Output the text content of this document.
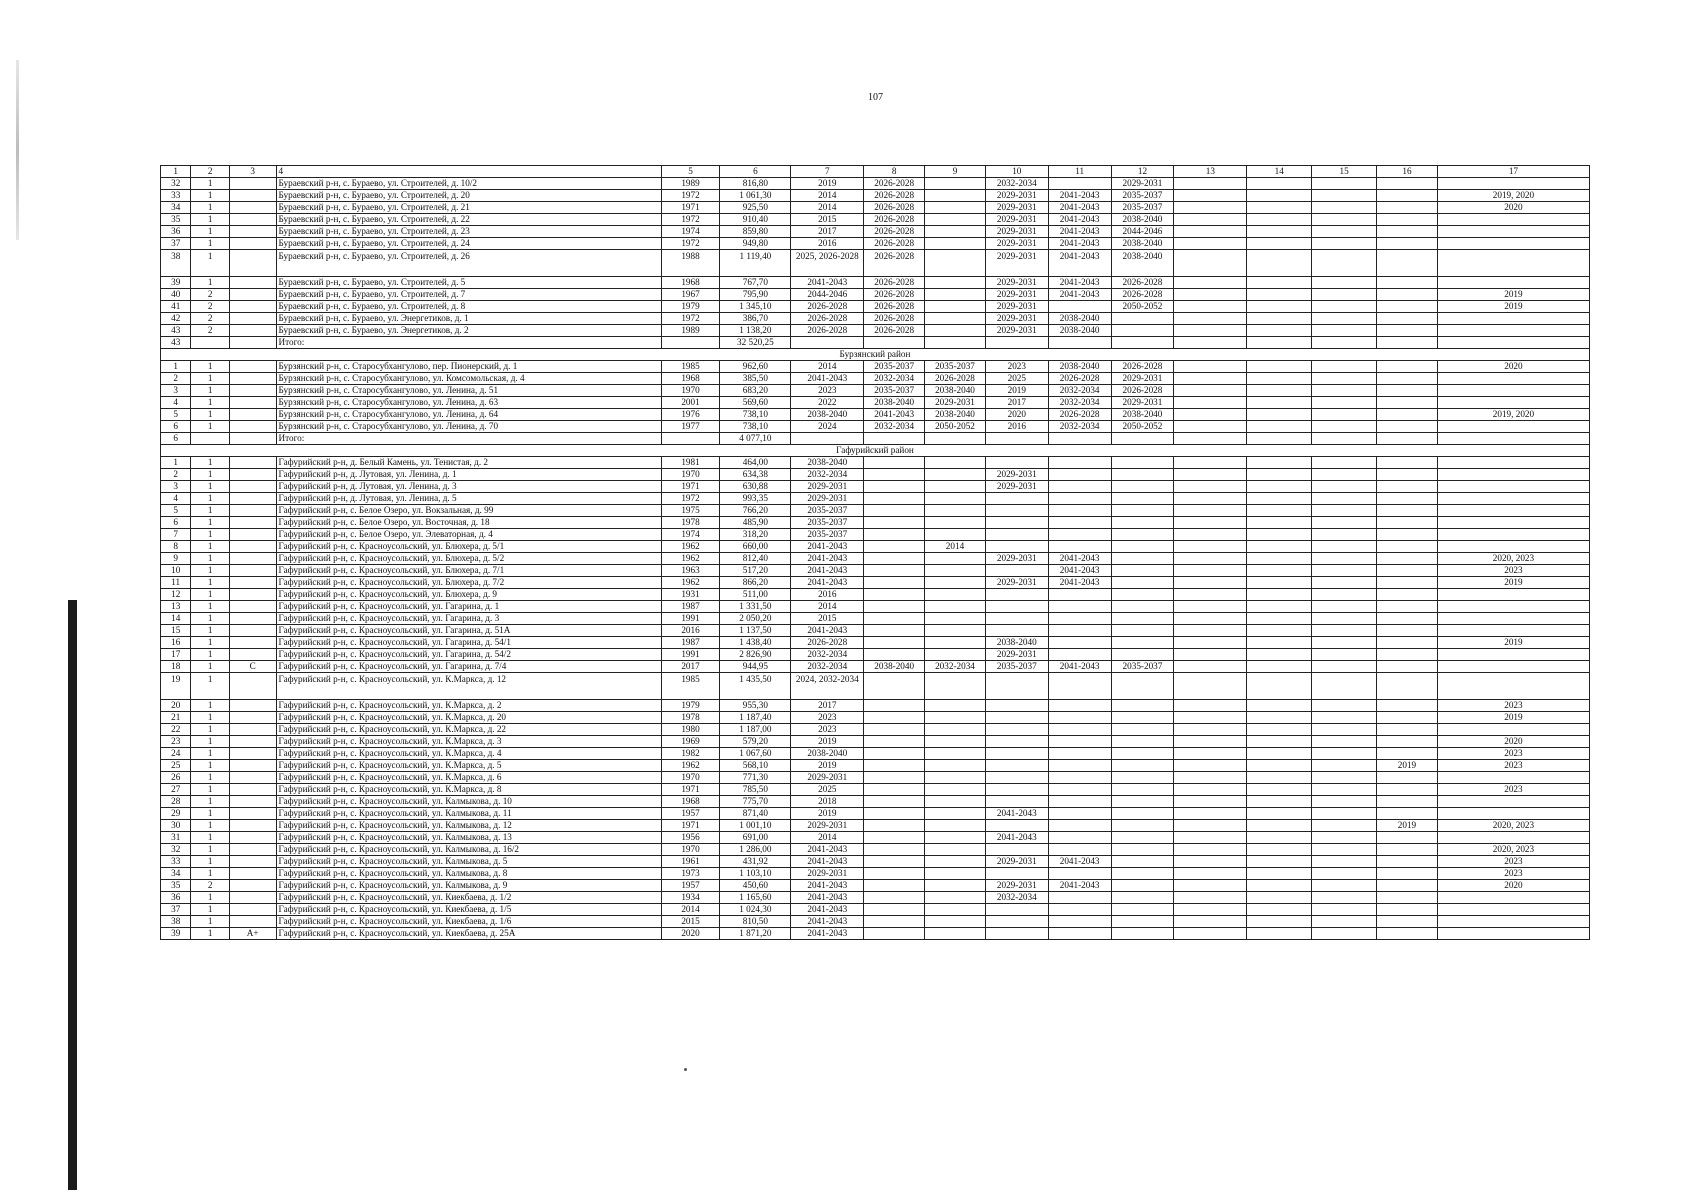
107
1	2	3	4	5	6	7	8	9	10	11	12	13	14	15	16	17
32	1		Бураевский р-н, с. Бураево, ул. Строителей, д. 10/2	1989	816,80	2019	2026-2028		2032-2034		2029-2031					
33	1		Бураевский р-н, с. Бураево, ул. Строителей, д. 20	1972	1 061,30	2014	2026-2028		2029-2031	2041-2043	2035-2037					2019, 2020
34	1		Бураевский р-н, с. Бураево, ул. Строителей, д. 21	1971	925,50	2014	2026-2028		2029-2031	2041-2043	2035-2037					2020
35	1		Бураевский р-н, с. Бураево, ул. Строителей, д. 22	1972	910,40	2015	2026-2028		2029-2031	2041-2043	2038-2040					
36	1		Бураевский р-н, с. Бураево, ул. Строителей, д. 23	1974	859,80	2017	2026-2028		2029-2031	2041-2043	2044-2046					
37	1		Бураевский р-н, с. Бураево, ул. Строителей, д. 24	1972	949,80	2016	2026-2028		2029-2031	2041-2043	2038-2040					
38	1		Бураевский р-н, с. Бураево, ул. Строителей, д. 26	1988	1 119,40	2025, 2026-2028	2026-2028		2029-2031	2041-2043	2038-2040					
39	1		Бураевский р-н, с. Бураево, ул. Строителей, д. 5	1968	767,70	2041-2043	2026-2028		2029-2031	2041-2043	2026-2028					
40	2		Бураевский р-н, с. Бураево, ул. Строителей, д. 7	1967	795,90	2044-2046	2026-2028		2029-2031	2041-2043	2026-2028					2019
41	2		Бураевский р-н, с. Бураево, ул. Строителей, д. 8	1979	1 345,10	2026-2028	2026-2028		2029-2031		2050-2052					2019
42	2		Бураевский р-н, с. Бураево, ул. Энергетиков, д. 1	1972	386,70	2026-2028	2026-2028		2029-2031	2038-2040						
43	2		Бураевский р-н, с. Бураево, ул. Энергетиков, д. 2	1989	1 138,20	2026-2028	2026-2028		2029-2031	2038-2040						
43			Итого:		32 520,25											
Бурзянский район																
1	1		Бурзянский р-н, с. Старосубхангулово, пер. Пионерский, д. 1	1985	962,60	2014	2035-2037	2035-2037	2023	2038-2040	2026-2028					2020
2	1		Бурзянский р-н, с. Старосубхангулово, ул. Комсомольская, д. 4	1968	385,50	2041-2043	2032-2034	2026-2028	2025	2026-2028	2029-2031					
3	1		Бурзянский р-н, с. Старосубхангулово, ул. Ленина, д. 51	1970	683,20	2023	2035-2037	2038-2040	2019	2032-2034	2026-2028					
4	1		Бурзянский р-н, с. Старосубхангулово, ул. Ленина, д. 63	2001	569,60	2022	2038-2040	2029-2031	2017	2032-2034	2029-2031					
5	1		Бурзянский р-н, с. Старосубхангулово, ул. Ленина, д. 64	1976	738,10	2038-2040	2041-2043	2038-2040	2020	2026-2028	2038-2040					2019, 2020
6	1		Бурзянский р-н, с. Старосубхангулово, ул. Ленина, д. 70	1977	738,10	2024	2032-2034	2050-2052	2016	2032-2034	2050-2052					
6			Итого:		4 077,10											
Гафурийский район																
1	1		Гафурийский р-н, д. Белый Камень, ул. Тенистая, д. 2	1981	464,00	2038-2040										
2	1		Гафурийский р-н, д. Лутовая, ул. Ленина, д. 1	1970	634,38	2032-2034			2029-2031							
3	1		Гафурийский р-н, д. Лутовая, ул. Ленина, д. 3	1971	630,88	2029-2031			2029-2031							
4	1		Гафурийский р-н, д. Лутовая, ул. Ленина, д. 5	1972	993,35	2029-2031										
5	1		Гафурийский р-н, с. Белое Озеро, ул. Вокзальная, д. 99	1975	766,20	2035-2037										
6	1		Гафурийский р-н, с. Белое Озеро, ул. Восточная, д. 18	1978	485,90	2035-2037										
7	1		Гафурийский р-н, с. Белое Озеро, ул. Элеваторная, д. 4	1974	318,20	2035-2037										
8	1		Гафурийский р-н, с. Красноусольский, ул. Блюхера, д. 5/1	1962	660,00	2041-2043		2014								
9	1		Гафурийский р-н, с. Красноусольский, ул. Блюхера, д. 5/2	1962	812,40	2041-2043			2029-2031	2041-2043						2020, 2023
10	1		Гафурийский р-н, с. Красноусольский, ул. Блюхера, д. 7/1	1963	517,20	2041-2043				2041-2043						2023
11	1		Гафурийский р-н, с. Красноусольский, ул. Блюхера, д. 7/2	1962	866,20	2041-2043			2029-2031	2041-2043						2019
12	1		Гафурийский р-н, с. Красноусольский, ул. Блюхера, д. 9	1931	511,00	2016										
13	1		Гафурийский р-н, с. Красноусольский, ул. Гагарина, д. 1	1987	1 331,50	2014										
14	1		Гафурийский р-н, с. Красноусольский, ул. Гагарина, д. 3	1991	2 050,20	2015										
15	1		Гафурийский р-н, с. Красноусольский, ул. Гагарина, д. 51А	2016	1 137,50	2041-2043										
16	1		Гафурийский р-н, с. Красноусольский, ул. Гагарина, д. 54/1	1987	1 438,40	2026-2028			2038-2040							2019
17	1		Гафурийский р-н, с. Красноусольский, ул. Гагарина, д. 54/2	1991	2 826,90	2032-2034			2029-2031							
18	1	С	Гафурийский р-н, с. Красноусольский, ул. Гагарина, д. 7/4	2017	944,95	2032-2034	2038-2040	2032-2034	2035-2037	2041-2043	2035-2037					
19	1		Гафурийский р-н, с. Красноусольский, ул. К.Маркса, д. 12	1985	1 435,50	2024, 2032-2034										
20	1		Гафурийский р-н, с. Красноусольский, ул. К.Маркса, д. 2	1979	955,30	2017										2023
21	1		Гафурийский р-н, с. Красноусольский, ул. К.Маркса, д. 20	1978	1 187,40	2023										2019
22	1		Гафурийский р-н, с. Красноусольский, ул. К.Маркса, д. 22	1980	1 187,00	2023										
23	1		Гафурийский р-н, с. Красноусольский, ул. К.Маркса, д. 3	1969	579,20	2019										2020
24	1		Гафурийский р-н, с. Красноусольский, ул. К.Маркса, д. 4	1982	1 067,60	2038-2040										2023
25	1		Гафурийский р-н, с. Красноусольский, ул. К.Маркса, д. 5	1962	568,10	2019									2019	2023
26	1		Гафурийский р-н, с. Красноусольский, ул. К.Маркса, д. 6	1970	771,30	2029-2031										
27	1		Гафурийский р-н, с. Красноусольский, ул. К.Маркса, д. 8	1971	785,50	2025										2023
28	1		Гафурийский р-н, с. Красноусольский, ул. Калмыкова, д. 10	1968	775,70	2018										
29	1		Гафурийский р-н, с. Красноусольский, ул. Калмыкова, д. 11	1957	871,40	2019			2041-2043							
30	1		Гафурийский р-н, с. Красноусольский, ул. Калмыкова, д. 12	1971	1 001,10	2029-2031									2019	2020, 2023
31	1		Гафурийский р-н, с. Красноусольский, ул. Калмыкова, д. 13	1956	691,00	2014			2041-2043							
32	1		Гафурийский р-н, с. Красноусольский, ул. Калмыкова, д. 16/2	1970	1 286,00	2041-2043										2020, 2023
33	1		Гафурийский р-н, с. Красноусольский, ул. Калмыкова, д. 5	1961	431,92	2041-2043			2029-2031	2041-2043						2023
34	1		Гафурийский р-н, с. Красноусольский, ул. Калмыкова, д. 8	1973	1 103,10	2029-2031										2023
35	2		Гафурийский р-н, с. Красноусольский, ул. Калмыкова, д. 9	1957	450,60	2041-2043			2029-2031	2041-2043						2020
36	1		Гафурийский р-н, с. Красноусольский, ул. Киекбаева, д. 1/2	1934	1 165,60	2041-2043			2032-2034							
37	1		Гафурийский р-н, с. Красноусольский, ул. Киекбаева, д. 1/5	2014	1 024,30	2041-2043										
38	1		Гафурийский р-н, с. Красноусольский, ул. Киекбаева, д. 1/6	2015	810,50	2041-2043										
39	1	A+	Гафурийский р-н, с. Красноусольский, ул. Киекбаева, д. 25А	2020	1 871,20	2041-2043										
